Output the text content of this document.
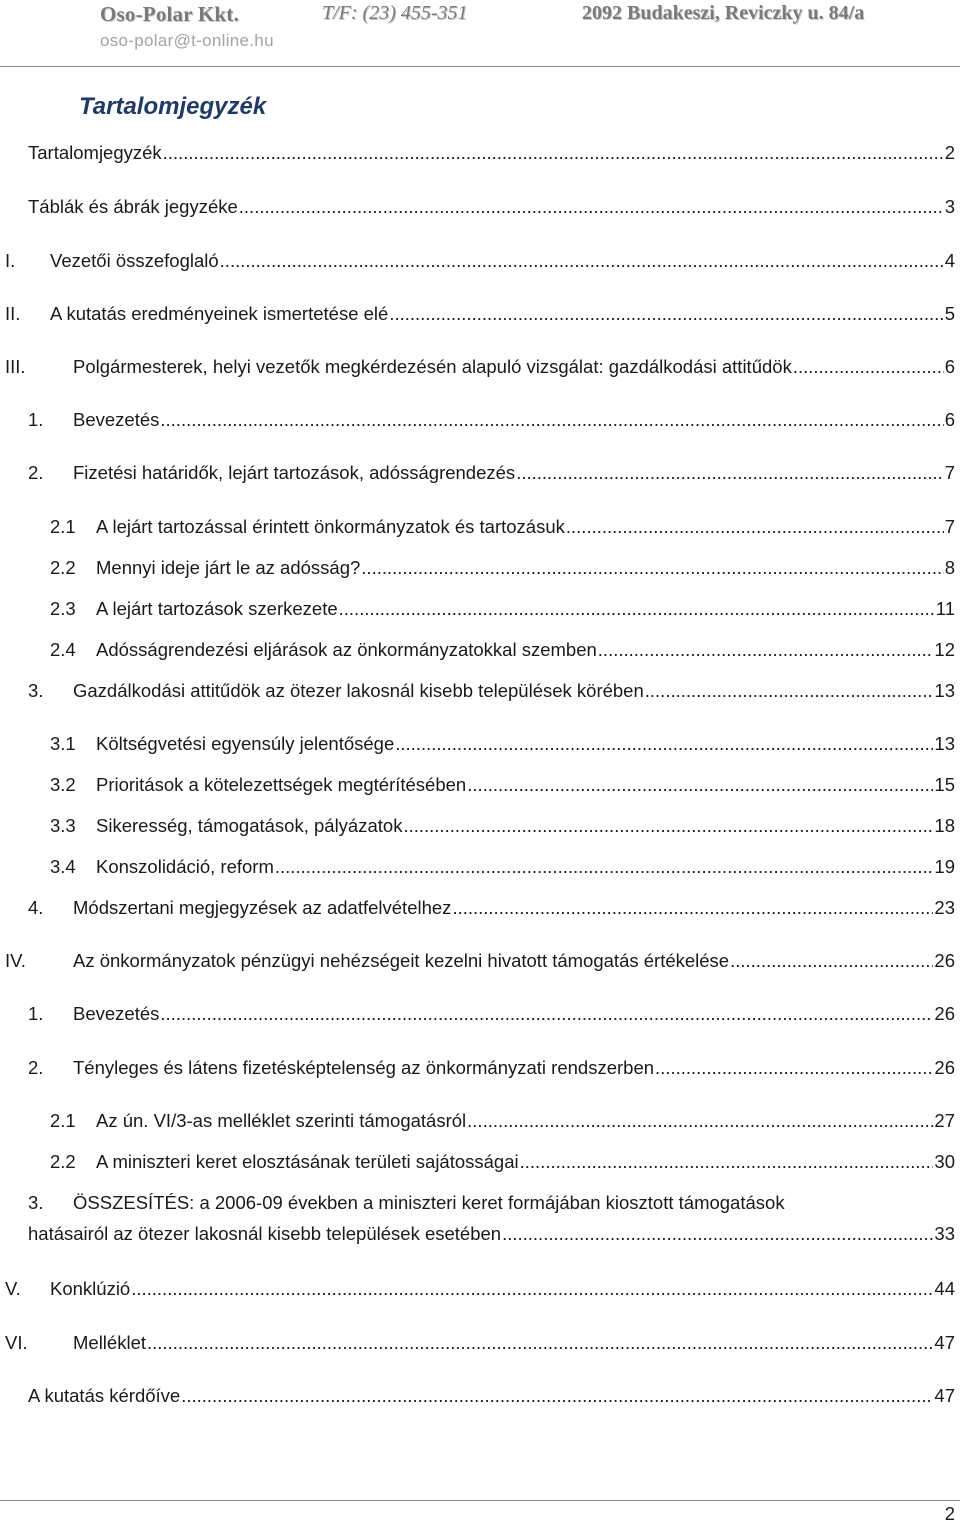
Oso-Polar Kkt.	T/F: (23) 455-351	2092 Budakeszi, Reviczky u. 84/a
oso-polar@t-online.hu
Tartalomjegyzék
Tartalomjegyzék .....	2
Táblák és ábrák jegyzéke .....	3
I.	Vezetői összefoglaló .....	4
II.	A kutatás eredményeinek ismertetése elé .....	5
III.	Polgármesterek, helyi vezetők megkérdezésén alapuló vizsgálat: gazdálkodási attitűdök .....	6
1.	Bevezetés .....	6
2.	Fizetési határidők, lejárt tartozások, adósságrendezés .....	7
2.1	A lejárt tartozással érintett önkormányzatok és tartozásuk .....	7
2.2	Mennyi ideje járt le az adósság? .....	8
2.3	A lejárt tartozások szerkezete .....	11
2.4	Adósságrendezési eljárások az önkormányzatokkal szemben .....	12
3.	Gazdálkodási attitűdök az ötezer lakosnál kisebb települések körében .....	13
3.1	Költségvetési egyensúly jelentősége .....	13
3.2	Prioritások a kötelezettségek megtérítésében .....	15
3.3	Sikeresség, támogatások, pályázatok .....	18
3.4	Konszolidáció, reform .....	19
4.	Módszertani megjegyzések az adatfelvételhez .....	23
IV.	Az önkormányzatok pénzügyi nehézségeit kezelni hivatott támogatás értékelése .....	26
1.	Bevezetés .....	26
2.	Tényleges és látens fizetésképtelenség az önkormányzati rendszerben .....	26
2.1	Az ún. VI/3-as melléklet szerinti támogatásról .....	27
2.2	A miniszteri keret elosztásának területi sajátosságai .....	30
3.	ÖSSZESÍTÉS: a 2006-09 években a miniszteri keret formájában kiosztott támogatások
hatásairól az ötezer lakosnál kisebb települések esetében .....	33
V.	Konklúzió .....	44
VI.	Melléklet .....	47
A kutatás kérdőíve .....	47
2
